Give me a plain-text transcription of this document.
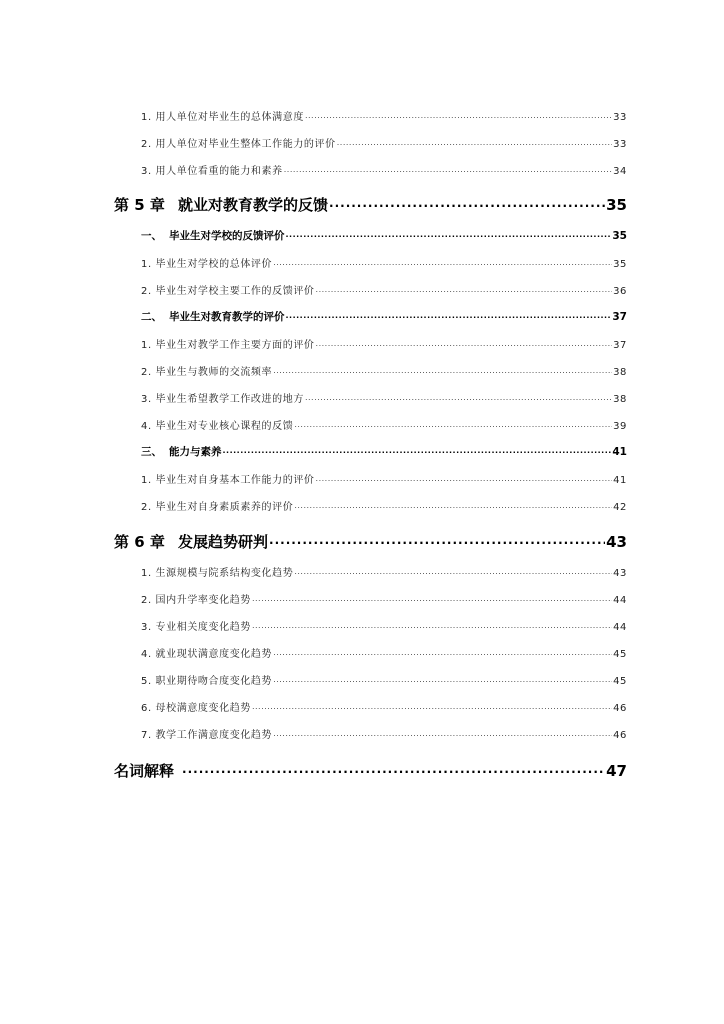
1. 用人单位对毕业生的总体满意度 .....	33
2. 用人单位对毕业生整体工作能力的评价 .....	33
3. 用人单位看重的能力和素养 .....	34
第 5 章 就业对教育教学的反馈 .....	35
一、 毕业生对学校的反馈评价 .....	35
1. 毕业生对学校的总体评价 .....	35
2. 毕业生对学校主要工作的反馈评价 .....	36
二、 毕业生对教育教学的评价 .....	37
1. 毕业生对教学工作主要方面的评价 .....	37
2. 毕业生与教师的交流频率 .....	38
3. 毕业生希望教学工作改进的地方 .....	38
4. 毕业生对专业核心课程的反馈 .....	39
三、 能力与素养 .....	41
1. 毕业生对自身基本工作能力的评价 .....	41
2. 毕业生对自身素质素养的评价 .....	42
第 6 章 发展趋势研判 .....	43
1. 生源规模与院系结构变化趋势 .....	43
2. 国内升学率变化趋势 .....	44
3. 专业相关度变化趋势 .....	44
4. 就业现状满意度变化趋势 .....	45
5. 职业期待吻合度变化趋势 .....	45
6. 母校满意度变化趋势 .....	46
7. 教学工作满意度变化趋势 .....	46
名词解释 .....	47
